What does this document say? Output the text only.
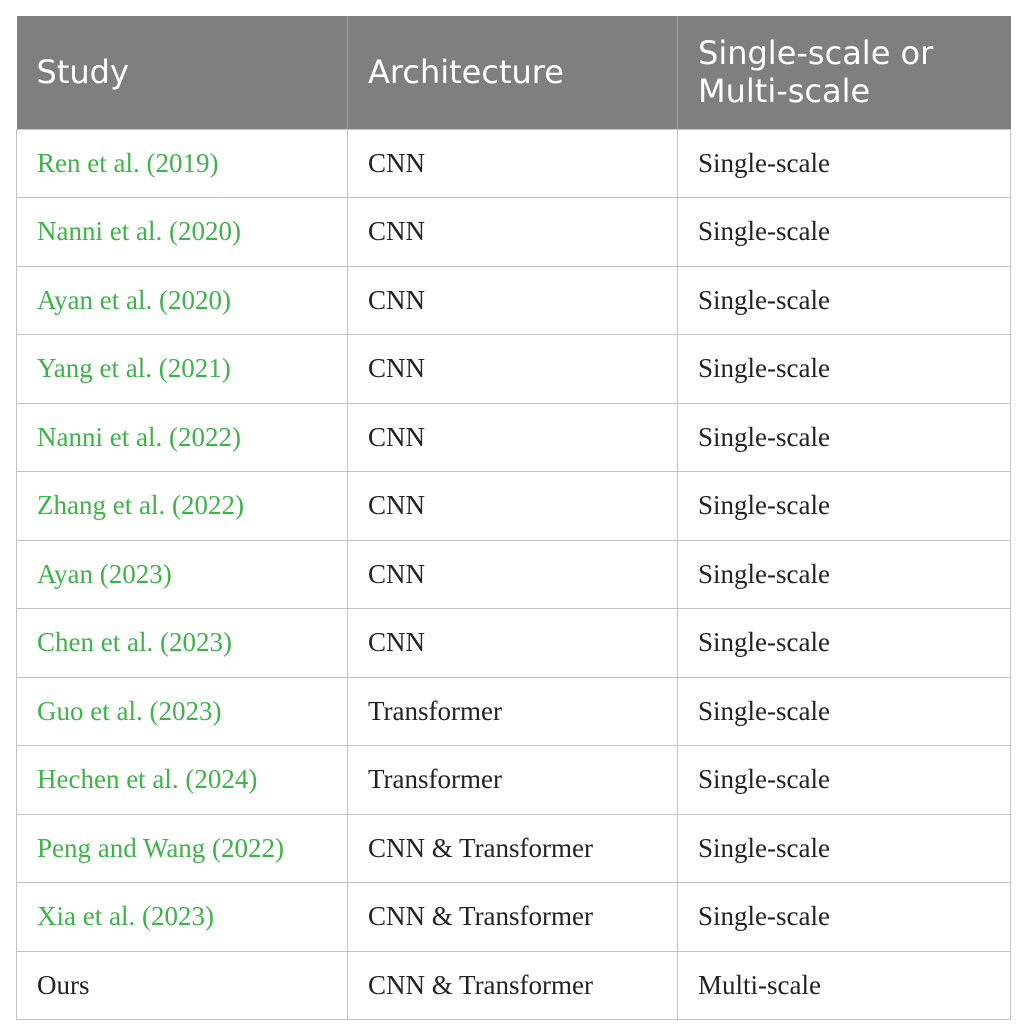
Study	Architecture	Single-scale or
Multi-scale
Ren et al. (2019)	CNN	Single-scale
Nanni et al. (2020)	CNN	Single-scale
Ayan et al. (2020)	CNN	Single-scale
Yang et al. (2021)	CNN	Single-scale
Nanni et al. (2022)	CNN	Single-scale
Zhang et al. (2022)	CNN	Single-scale
Ayan (2023)	CNN	Single-scale
Chen et al. (2023)	CNN	Single-scale
Guo et al. (2023)	Transformer	Single-scale
Hechen et al. (2024)	Transformer	Single-scale
Peng and Wang (2022)	CNN & Transformer	Single-scale
Xia et al. (2023)	CNN & Transformer	Single-scale
Ours	CNN & Transformer	Multi-scale
